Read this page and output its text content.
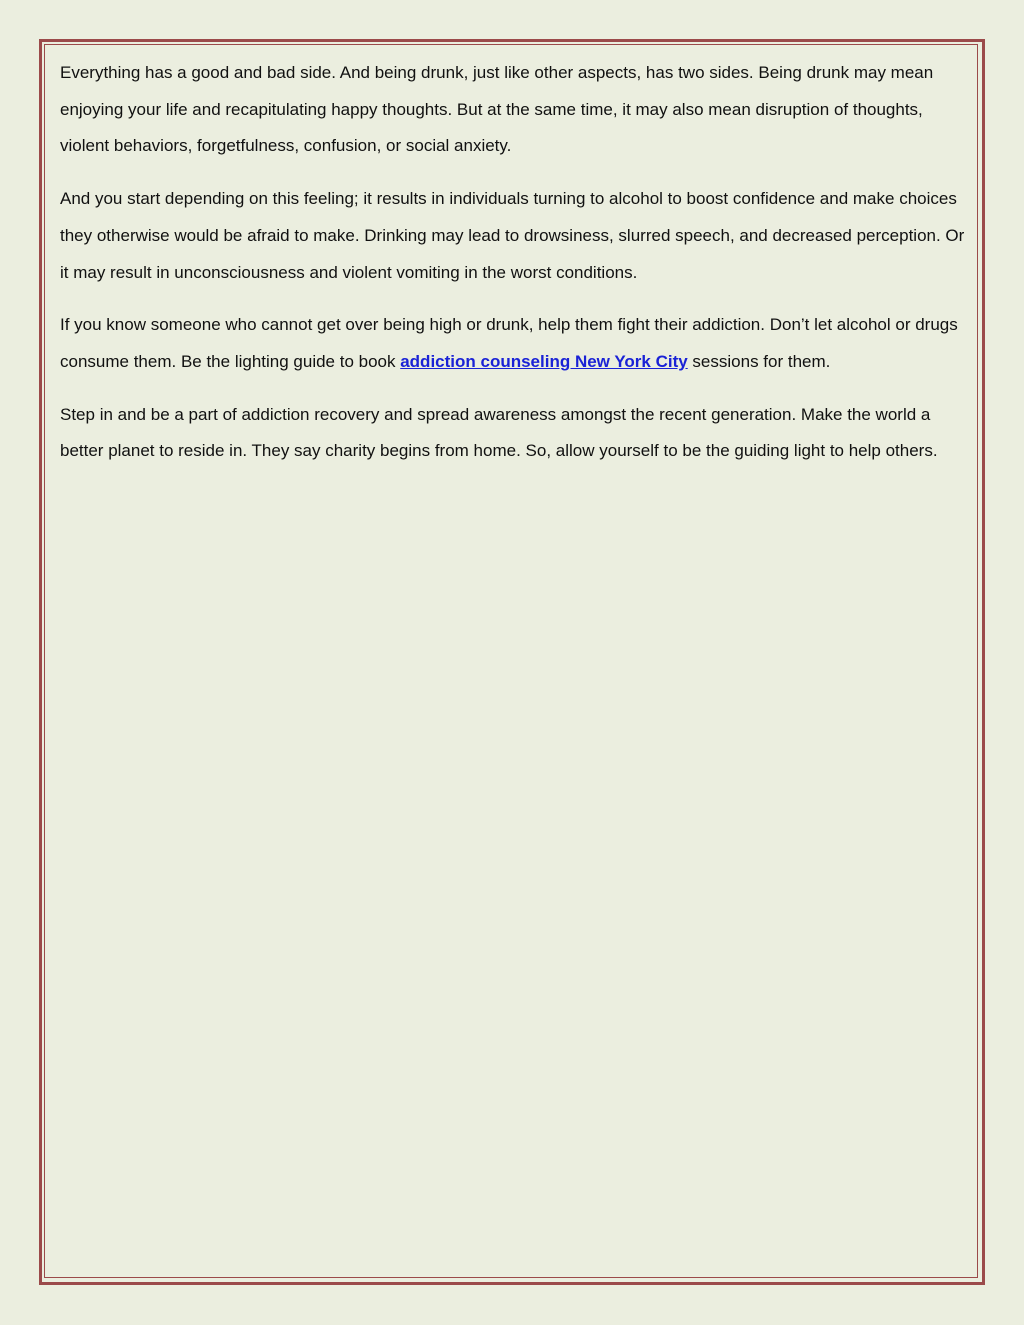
Everything has a good and bad side. And being drunk, just like other aspects, has two sides. Being drunk may mean enjoying your life and recapitulating happy thoughts. But at the same time, it may also mean disruption of thoughts, violent behaviors, forgetfulness, confusion, or social anxiety.

And you start depending on this feeling; it results in individuals turning to alcohol to boost confidence and make choices they otherwise would be afraid to make. Drinking may lead to drowsiness, slurred speech, and decreased perception. Or it may result in unconsciousness and violent vomiting in the worst conditions.

If you know someone who cannot get over being high or drunk, help them fight their addiction. Don’t let alcohol or drugs consume them. Be the lighting guide to book addiction counseling New York City sessions for them.

Step in and be a part of addiction recovery and spread awareness amongst the recent generation. Make the world a better planet to reside in. They say charity begins from home. So, allow yourself to be the guiding light to help others.
